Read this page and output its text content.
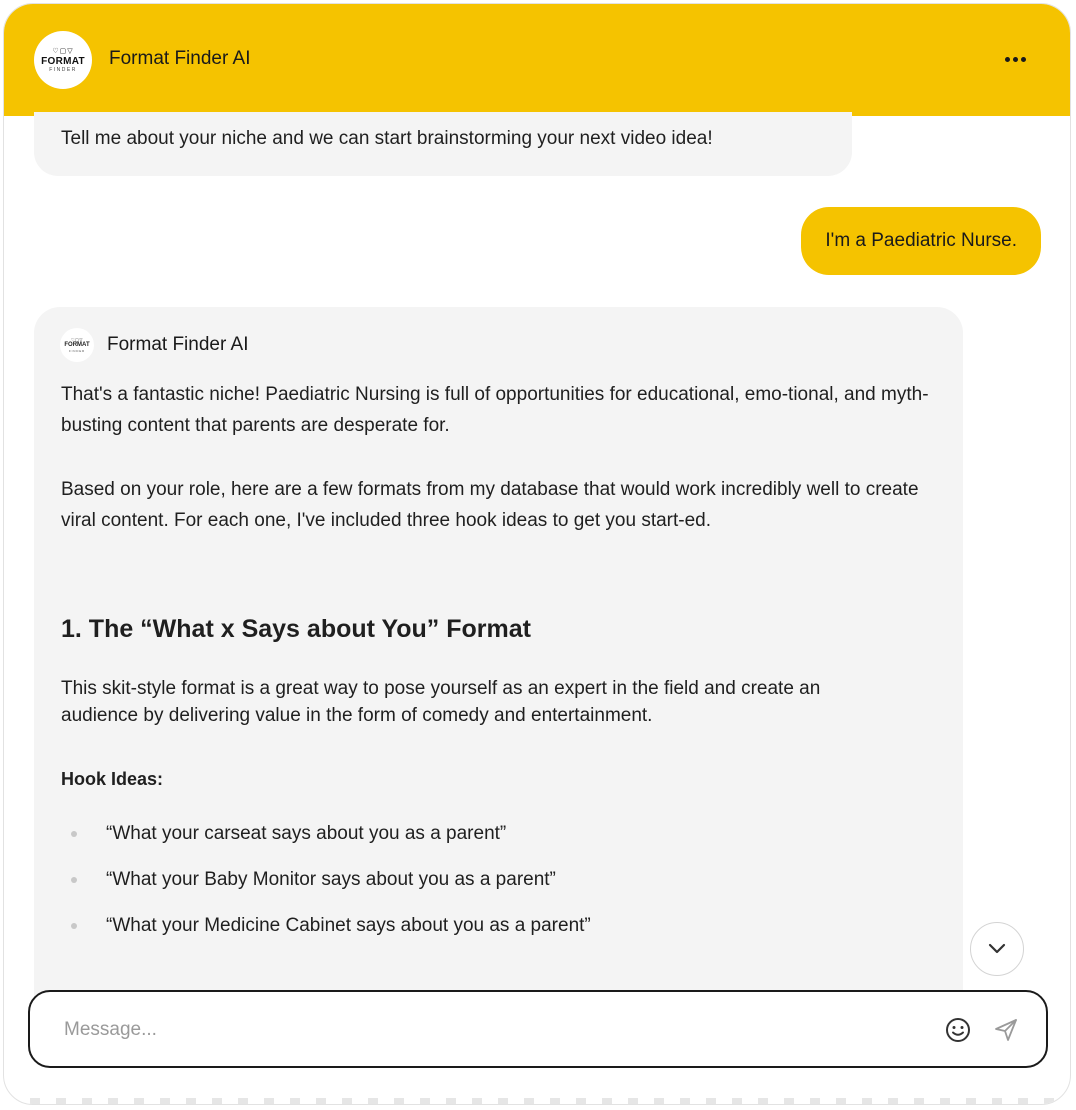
♡▢▽
FORMAT
FINDER
Format Finder AI
Tell me about your niche and we can start brainstorming your next video idea!
I'm a Paediatric Nurse.
♡▢▽
FORMAT
FINDER Format Finder AI

That's a fantastic niche! Paediatric Nursing is full of opportunities for educational, emo-tional, and myth-busting content that parents are desperate for.

Based on your role, here are a few formats from my database that would work incredibly well to create viral content. For each one, I've included three hook ideas to get you start-ed.

1. The “What x Says about You” Format

This skit-style format is a great way to pose yourself as an expert in the field and create an audience by delivering value in the form of comedy and entertainment.

Hook Ideas:

“What your carseat says about you as a parent”
“What your Baby Monitor says about you as a parent”
“What your Medicine Cabinet says about you as a parent”
Message...
